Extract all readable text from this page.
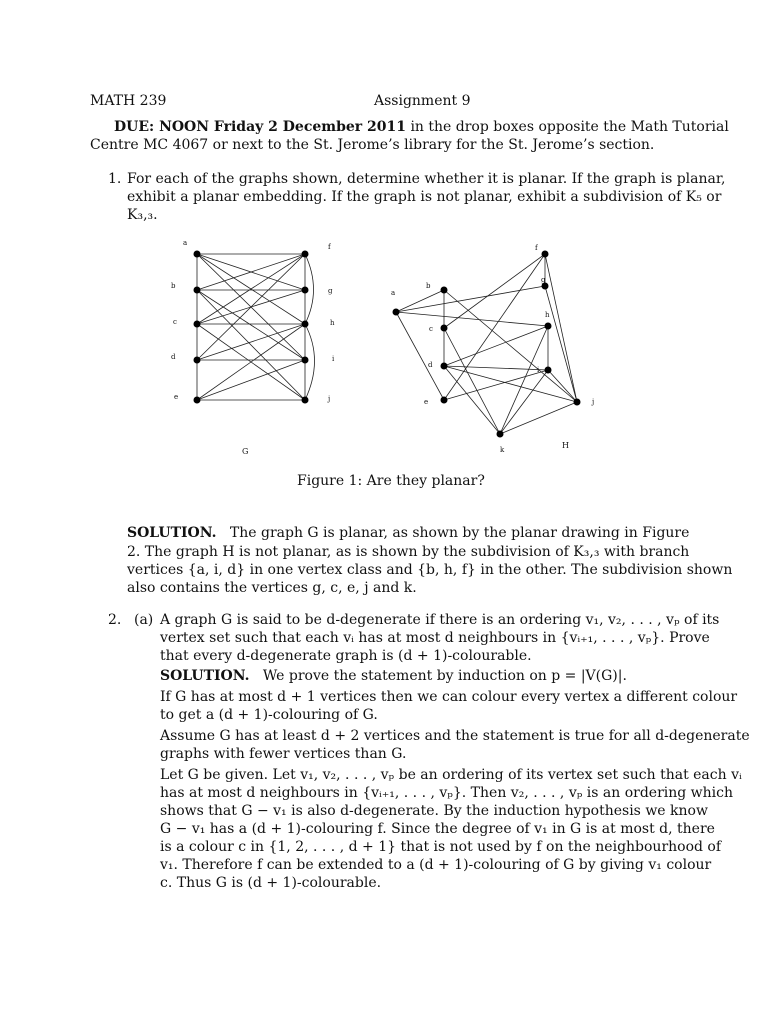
MATH 239	Assignment 9
DUE: NOON Friday 2 December 2011 in the drop boxes opposite the Math Tutorial
Centre MC 4067 or next to the St. Jerome’s library for the St. Jerome’s section.
1. For each of the graphs shown, determine whether it is planar. If the graph is planar,
exhibit a planar embedding. If the graph is not planar, exhibit a subdivision of K₅ or
K₃,₃.
a
b
c
d
e
f
g
h
i
j
G
a
b
c
d
e
f
g
h
i
j
k	H
Figure 1: Are they planar?
SOLUTION. The graph G is planar, as shown by the planar drawing in Figure
2. The graph H is not planar, as is shown by the subdivision of K₃,₃ with branch
vertices {a, i, d} in one vertex class and {b, h, f} in the other. The subdivision shown
also contains the vertices g, c, e, j and k.
2. (a) A graph G is said to be d-degenerate if there is an ordering v₁, v₂, . . . , vₚ of its
vertex set such that each vᵢ has at most d neighbours in {vᵢ₊₁, . . . , vₚ}. Prove
that every d-degenerate graph is (d + 1)-colourable.
SOLUTION. We prove the statement by induction on p = |V(G)|.
If G has at most d + 1 vertices then we can colour every vertex a different colour
to get a (d + 1)-colouring of G.
Assume G has at least d + 2 vertices and the statement is true for all d-degenerate
graphs with fewer vertices than G.
Let G be given. Let v₁, v₂, . . . , vₚ be an ordering of its vertex set such that each vᵢ
has at most d neighbours in {vᵢ₊₁, . . . , vₚ}. Then v₂, . . . , vₚ is an ordering which
shows that G − v₁ is also d-degenerate. By the induction hypothesis we know
G − v₁ has a (d + 1)-colouring f. Since the degree of v₁ in G is at most d, there
is a colour c in {1, 2, . . . , d + 1} that is not used by f on the neighbourhood of
v₁. Therefore f can be extended to a (d + 1)-colouring of G by giving v₁ colour
c. Thus G is (d + 1)-colourable.
